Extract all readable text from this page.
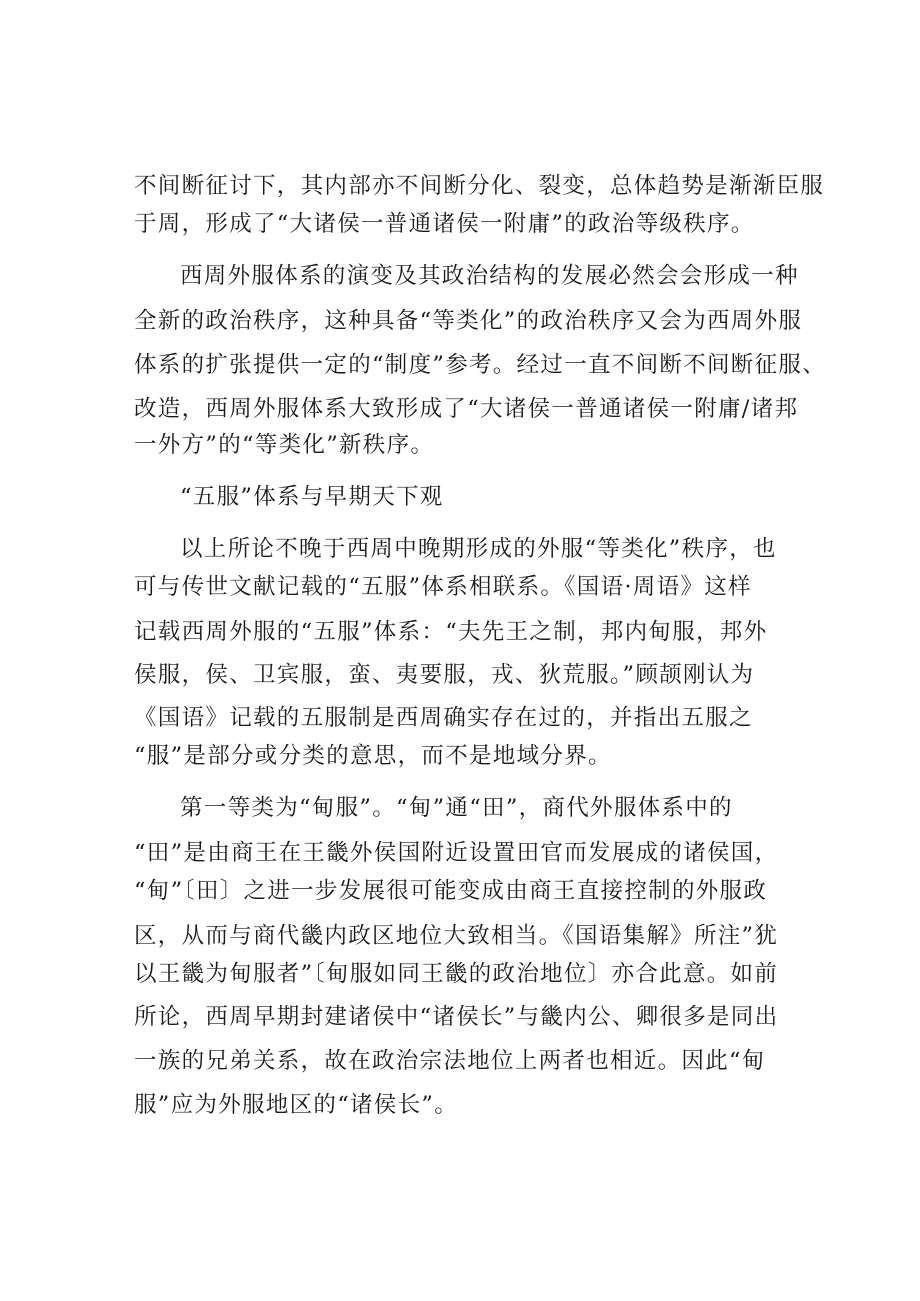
不间断征讨下，其内部亦不间断分化、裂变，总体趋势是渐渐臣服

于周，形成了“大诸侯一普通诸侯一附庸”的政治等级秩序。

西周外服体系的演变及其政治结构的发展必然会会形成一种

全新的政治秩序，这种具备“等类化”的政治秩序又会为西周外服

体系的扩张提供一定的“制度”参考。经过一直不间断不间断征服、

改造，西周外服体系大致形成了“大诸侯一普通诸侯一附庸/诸邦

一外方”的“等类化”新秩序。

“五服”体系与早期天下观

以上所论不晚于西周中晚期形成的外服“等类化”秩序，也

可与传世文献记载的“五服”体系相联系。《国语·周语》这样

记载西周外服的“五服”体系：“夫先王之制，邦内甸服，邦外

侯服，侯、卫宾服，蛮、夷要服，戎、狄荒服。”顾颉刚认为

《国语》记载的五服制是西周确实存在过的，并指出五服之

“服”是部分或分类的意思，而不是地域分界。

第一等类为“甸服”。“甸”通“田”，商代外服体系中的

“田”是由商王在王畿外侯国附近设置田官而发展成的诸侯国，

“甸”〔田〕之进一步发展很可能变成由商王直接控制的外服政

区，从而与商代畿内政区地位大致相当。《国语集解》所注”犹

以王畿为甸服者”〔甸服如同王畿的政治地位〕亦合此意。如前

所论，西周早期封建诸侯中“诸侯长”与畿内公、卿很多是同出

一族的兄弟关系，故在政治宗法地位上两者也相近。因此“甸

服”应为外服地区的“诸侯长”。
